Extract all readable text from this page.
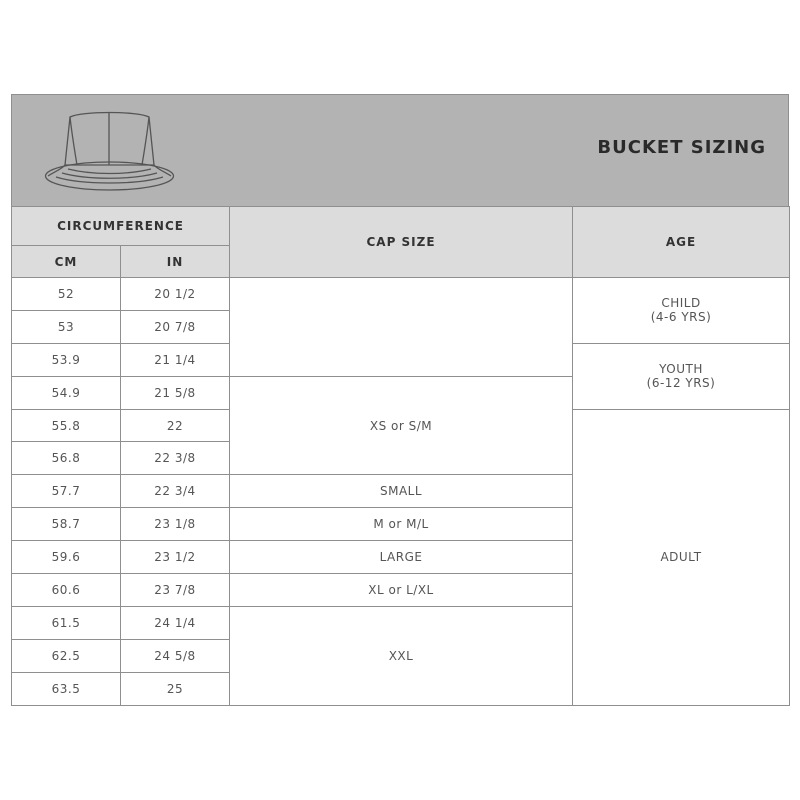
BUCKET SIZING
CIRCUMFERENCE		CAP SIZE	AGE
CM	IN		
52	20 1/2		CHILD
(4-6 YRS)

53	20 7/8		
53.9	21 1/4		YOUTH
(6-12 YRS)

54.9	21 5/8	XS or S/M	
55.8	22		ADULT
56.8	22 3/8		
57.7	22 3/4	SMALL	
58.7	23 1/8	M or M/L	
59.6	23 1/2	LARGE	
60.6	23 7/8	XL or L/XL	
61.5	24 1/4	XXL	
62.5	24 5/8		
63.5	25		
